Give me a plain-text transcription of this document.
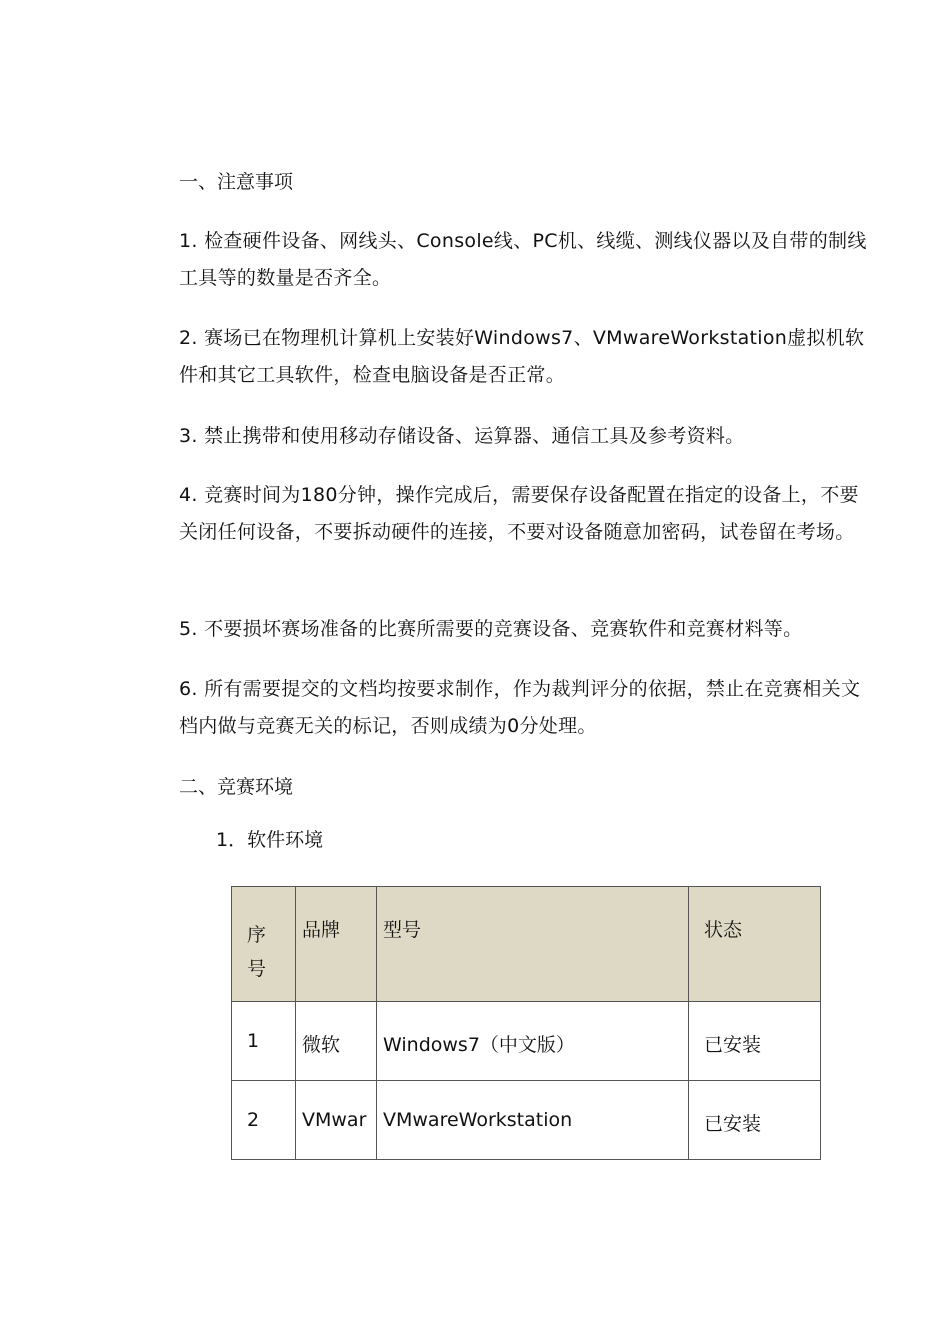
一、注意事项
1. 检查硬件设备、网线头、Console线、PC机、线缆、测线仪器以及自带的制线工具等的数量是否齐全。
2. 赛场已在物理机计算机上安装好Windows7、VMwareWorkstation虚拟机软件和其它工具软件，检查电脑设备是否正常。
3. 禁止携带和使用移动存储设备、运算器、通信工具及参考资料。
4. 竞赛时间为180分钟，操作完成后，需要保存设备配置在指定的设备上，不要关闭任何设备，不要拆动硬件的连接，不要对设备随意加密码，试卷留在考场。
5. 不要损坏赛场准备的比赛所需要的竞赛设备、竞赛软件和竞赛材料等。
6. 所有需要提交的文档均按要求制作，作为裁判评分的依据，禁止在竞赛相关文档内做与竞赛无关的标记，否则成绩为0分处理。
二、竞赛环境
1．软件环境
序
号	品牌	型号	状态
1	微软	Windows7（中文版）	已安装
2	VMwar	VMwareWorkstation	已安装
